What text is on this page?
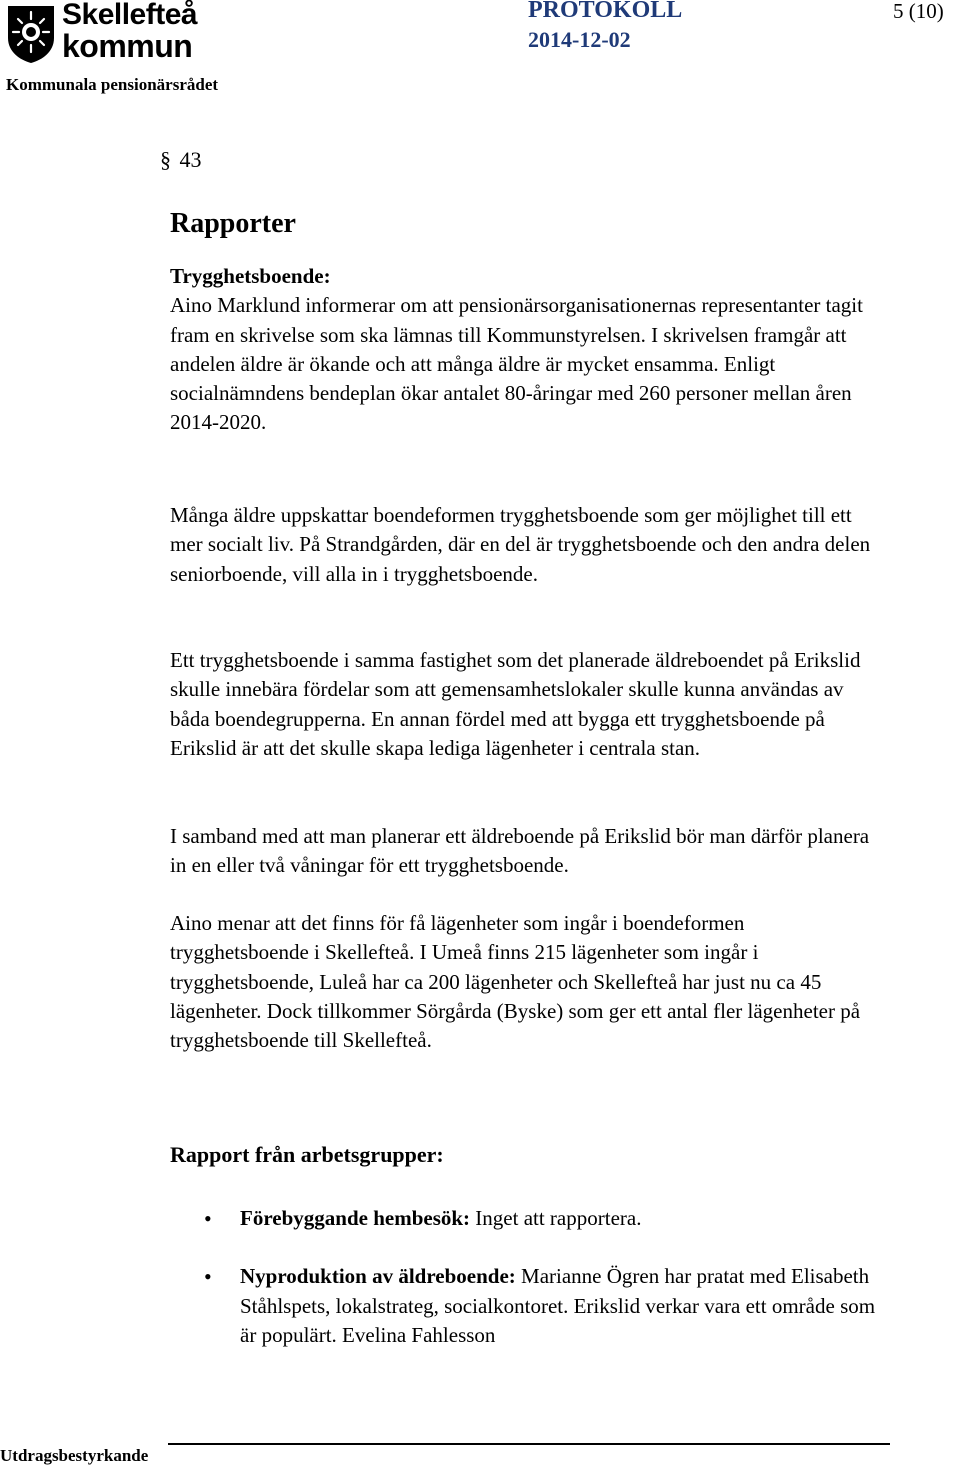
Skellefteå
kommun
Kommunala pensionärsrådet
PROTOKOLL
2014-12-02
5 (10)
§ 43
Rapporter

Trygghetsboende:

Aino Marklund informerar om att pensionärsorganisationernas representanter tagit fram en skrivelse som ska lämnas till Kommunstyrelsen. I skrivelsen framgår att andelen äldre är ökande och att många äldre är mycket ensamma. Enligt socialnämndens bendeplan ökar antalet 80-åringar med 260 personer mellan åren 2014-2020.

Många äldre uppskattar boendeformen trygghetsboende som ger möjlighet till ett mer socialt liv. På Strandgården, där en del är trygghetsboende och den andra delen seniorboende, vill alla in i trygghetsboende.

Ett trygghetsboende i samma fastighet som det planerade äldreboendet på Erikslid skulle innebära fördelar som att gemensamhetslokaler skulle kunna användas av båda boendegrupperna. En annan fördel med att bygga ett trygghetsboende på Erikslid är att det skulle skapa lediga lägenheter i centrala stan.

I samband med att man planerar ett äldreboende på Erikslid bör man därför planera in en eller två våningar för ett trygghetsboende.

Aino menar att det finns för få lägenheter som ingår i boendeformen trygghetsboende i Skellefteå. I Umeå finns 215 lägenheter som ingår i trygghetsboende, Luleå har ca 200 lägenheter och Skellefteå har just nu ca 45 lägenheter. Dock tillkommer Sörgårda (Byske) som ger ett antal fler lägenheter på trygghetsboende till Skellefteå.

Rapport från arbetsgrupper:
• Förebyggande hembesök: Inget att rapportera.
• Nyproduktion av äldreboende: Marianne Ögren har pratat med Elisabeth Ståhlspets, lokalstrateg, socialkontoret. Erikslid verkar vara ett område som är populärt. Evelina Fahlesson
Utdragsbestyrkande
